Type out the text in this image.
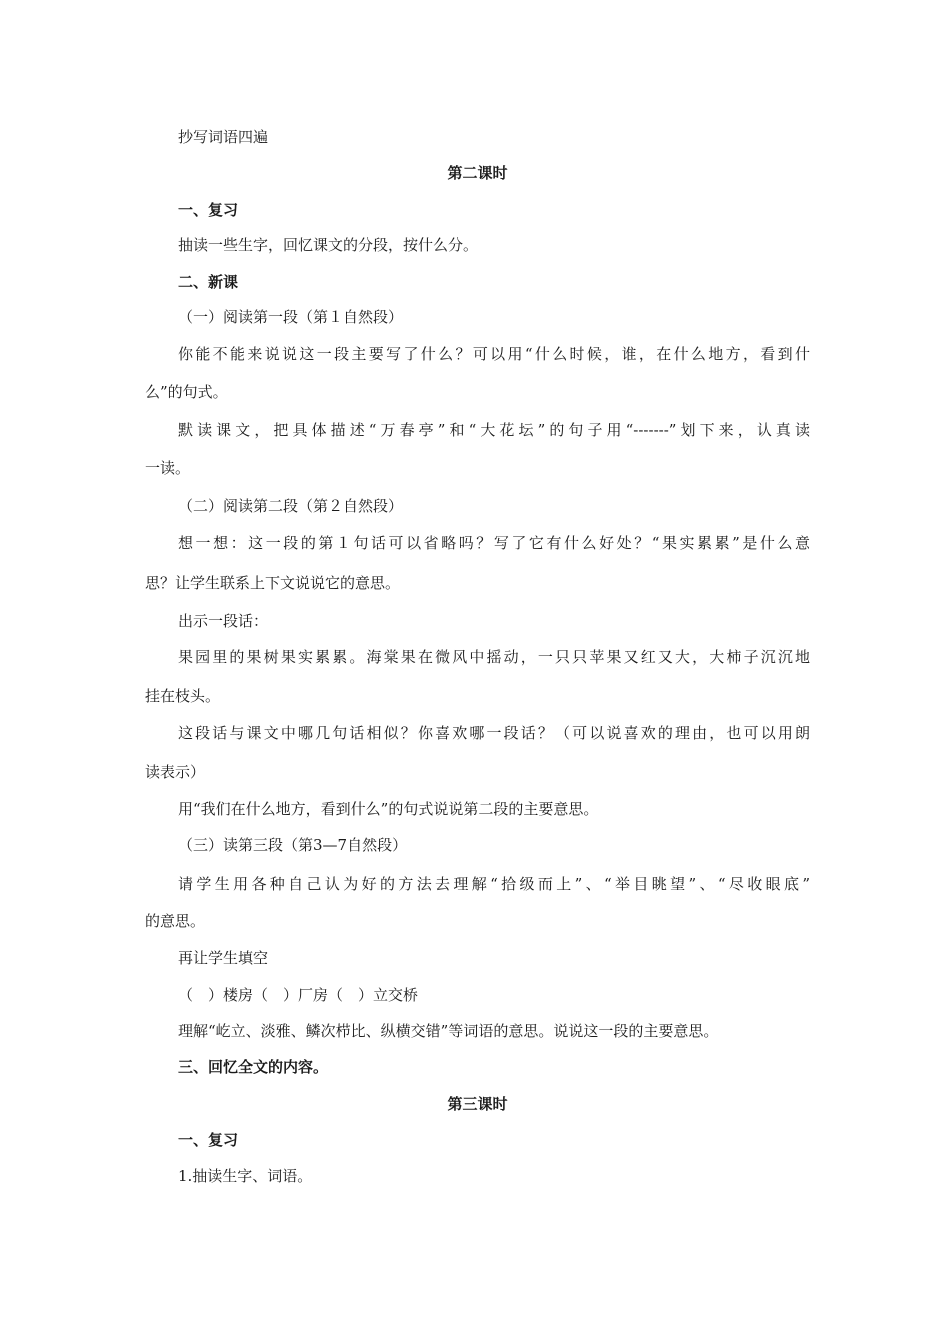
抄写词语四遍
第二课时
一、复习
抽读一些生字，回忆课文的分段，按什么分。
二、新课
（一）阅读第一段（第１自然段）
你能不能来说说这一段主要写了什么？可以用“什么时候，谁，在什么地方，看到什
么”的句式。
默读课文，把具体描述“万春亭”和“大花坛”的句子用“-------”划下来，认真读
一读。
（二）阅读第二段（第２自然段）
想一想：这一段的第１句话可以省略吗？写了它有什么好处？“果实累累”是什么意
思？让学生联系上下文说说它的意思。
出示一段话：
果园里的果树果实累累。海棠果在微风中摇动，一只只苹果又红又大，大柿子沉沉地
挂在枝头。
这段话与课文中哪几句话相似？你喜欢哪一段话？（可以说喜欢的理由，也可以用朗
读表示）
用“我们在什么地方，看到什么”的句式说说第二段的主要意思。
（三）读第三段（第3—7自然段）
请学生用各种自己认为好的方法去理解“拾级而上”、“举目眺望”、“尽收眼底”
的意思。
再让学生填空
（　）楼房（　）厂房（　）立交桥
理解“屹立、淡雅、鳞次栉比、纵横交错”等词语的意思。说说这一段的主要意思。
三、回忆全文的内容。
第三课时
一、复习
1.抽读生字、词语。
